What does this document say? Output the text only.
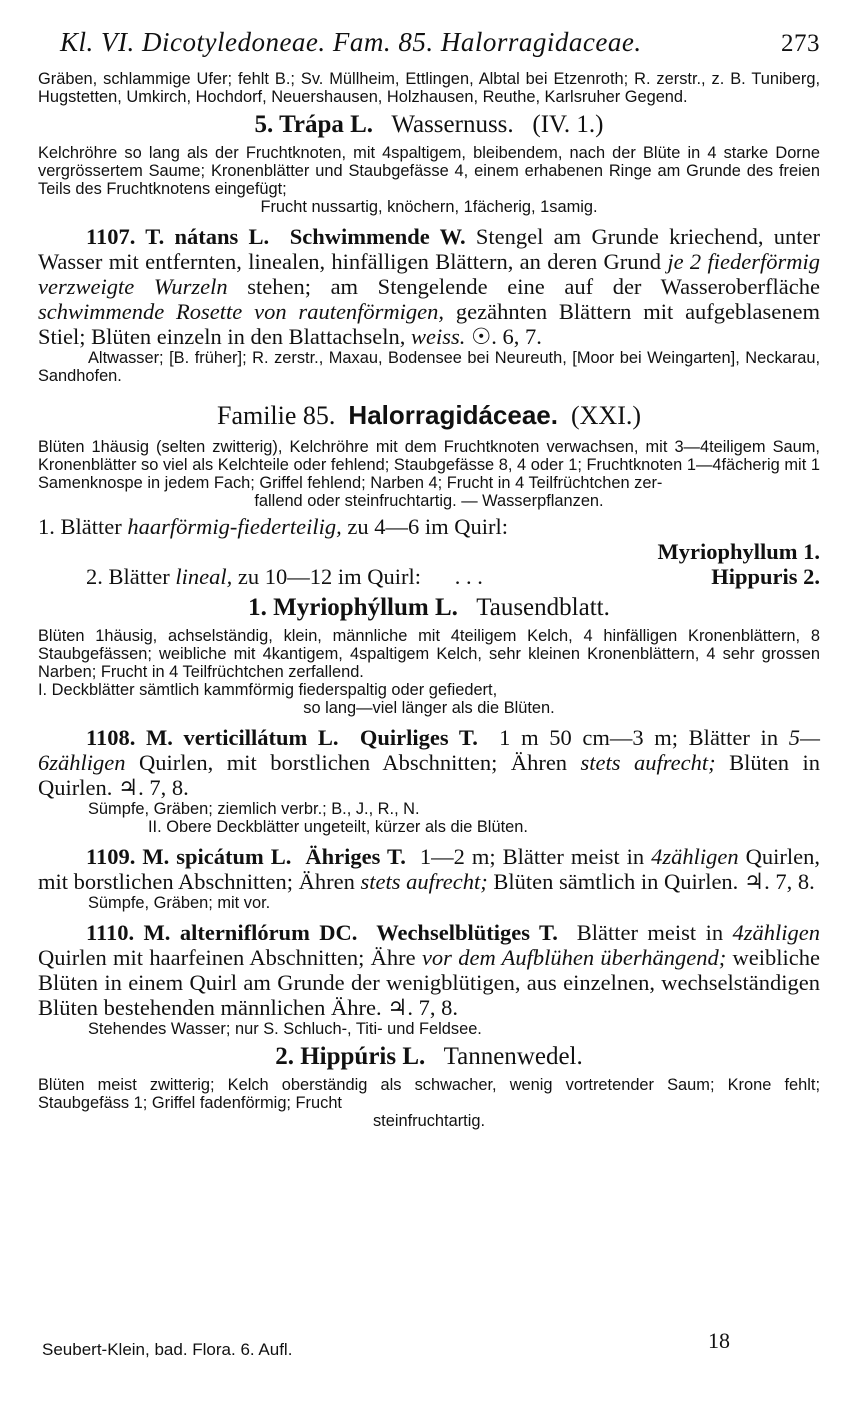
Kl. VI. Dicotyledoneae. Fam. 85. Halorragidaceae.	273

Gräben, schlammige Ufer; fehlt B.; Sv. Müllheim, Ettlingen, Albtal bei Etzenroth; R. zerstr., z. B. Tuniberg, Hugstetten, Umkirch, Hochdorf, Neuershausen, Holzhausen, Reuthe, Karlsruher Gegend.

5. Trápa L. Wassernuss. (IV. 1.)

Kelchröhre so lang als der Fruchtknoten, mit 4spaltigem, bleibendem, nach der Blüte in 4 starke Dorne vergrössertem Saume; Kronenblätter und Staubgefässe 4, einem erhabenen Ringe am Grunde des freien Teils des Fruchtknotens eingefügt;

Frucht nussartig, knöchern, 1fächerig, 1samig.

1107. T. nátans L. Schwimmende W. Stengel am Grunde kriechend, unter Wasser mit entfernten, linealen, hinfälligen Blättern, an deren Grund je 2 fiederförmig verzweigte Wurzeln stehen; am Stengelende eine auf der Wasseroberfläche schwimmende Rosette von rautenförmigen, gezähnten Blättern mit aufgeblasenem Stiel; Blüten einzeln in den Blattachseln, weiss. ☉. 6, 7.

Altwasser; [B. früher]; R. zerstr., Maxau, Bodensee bei Neureuth, [Moor bei Weingarten], Neckarau, Sandhofen.

Familie 85. Halorragidáceae. (XXI.)

Blüten 1häusig (selten zwitterig), Kelchröhre mit dem Fruchtknoten verwachsen, mit 3—4teiligem Saum, Kronenblätter so viel als Kelchteile oder fehlend; Staubgefässe 8, 4 oder 1; Fruchtknoten 1—4fächerig mit 1 Samenknospe in jedem Fach; Griffel fehlend; Narben 4; Frucht in 4 Teilfrüchtchen zer-

fallend oder steinfruchtartig. — Wasserpflanzen.

1. Blätter haarförmig-fiederteilig, zu 4—6 im Quirl:
Myriophyllum 1.
2. Blätter lineal, zu 10—12 im Quirl: . . .	Hippuris 2.
1. Myriophýllum L. Tausendblatt.

Blüten 1häusig, achselständig, klein, männliche mit 4teiligem Kelch, 4 hinfälligen Kronenblättern, 8 Staubgefässen; weibliche mit 4kantigem, 4spaltigem Kelch, sehr kleinen Kronenblättern, 4 sehr grossen Narben; Frucht in 4 Teilfrüchtchen zerfallend.

I. Deckblätter sämtlich kammförmig fiederspaltig oder gefiedert,

so lang—viel länger als die Blüten.

1108. M. verticillátum L. Quirliges T. 1 m 50 cm—3 m; Blätter in 5—6zähligen Quirlen, mit borstlichen Abschnitten; Ähren stets aufrecht; Blüten in Quirlen. ♃. 7, 8.

Sümpfe, Gräben; ziemlich verbr.; B., J., R., N.

II. Obere Deckblätter ungeteilt, kürzer als die Blüten.

1109. M. spicátum L. Ähriges T. 1—2 m; Blätter meist in 4zähligen Quirlen, mit borstlichen Abschnitten; Ähren stets aufrecht; Blüten sämtlich in Quirlen. ♃. 7, 8.

Sümpfe, Gräben; mit vor.

1110. M. alterniflórum DC. Wechselblütiges T. Blätter meist in 4zähligen Quirlen mit haarfeinen Abschnitten; Ähre vor dem Aufblühen überhängend; weibliche Blüten in einem Quirl am Grunde der wenigblütigen, aus einzelnen, wechselständigen Blüten bestehenden männlichen Ähre. ♃. 7, 8.

Stehendes Wasser; nur S. Schluch-, Titi- und Feldsee.

2. Hippúris L. Tannenwedel.

Blüten meist zwitterig; Kelch oberständig als schwacher, wenig vortretender Saum; Krone fehlt; Staubgefäss 1; Griffel fadenförmig; Frucht

steinfruchtartig.

Seubert-Klein, bad. Flora. 6. Aufl.	18
